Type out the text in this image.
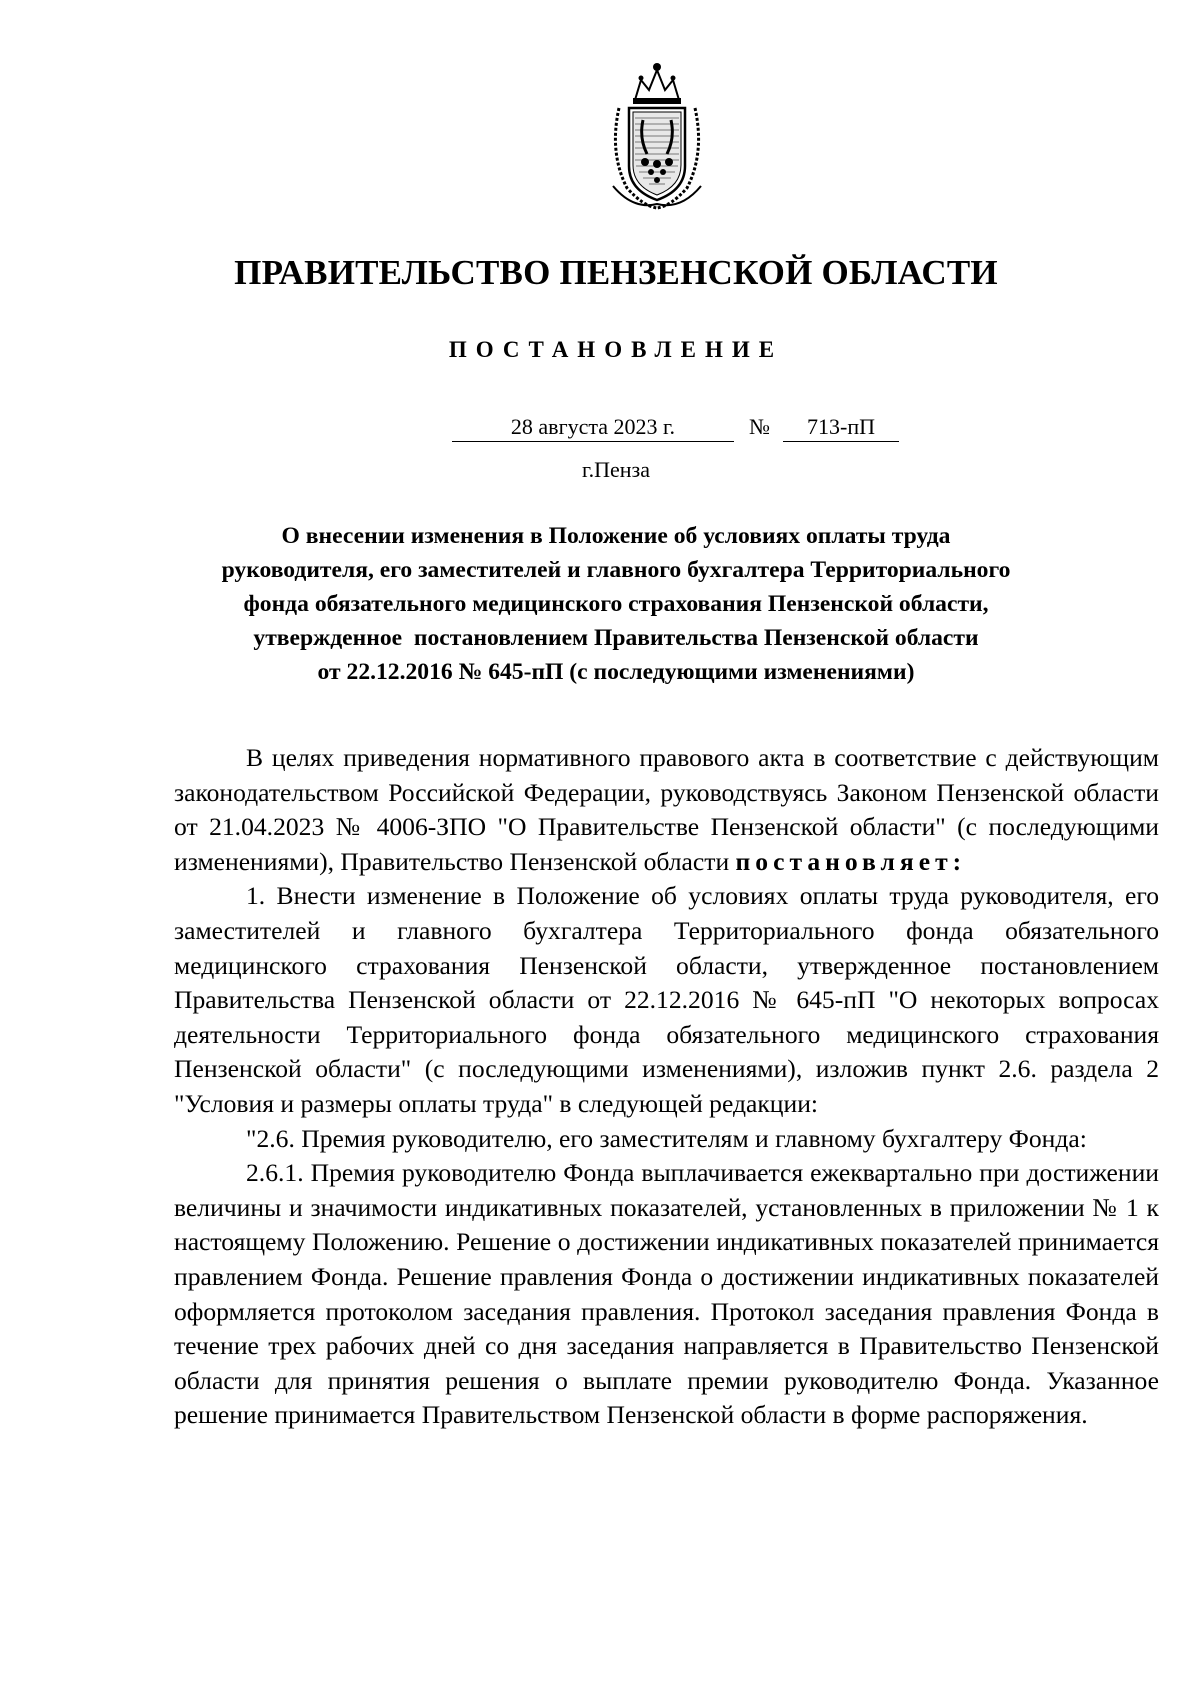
ПРАВИТЕЛЬСТВО ПЕНЗЕНСКОЙ ОБЛАСТИ
ПОСТАНОВЛЕНИЕ
28 августа 2023 г.	№	713-пП
г.Пенза
О внесении изменения в Положение об условиях оплаты труда
руководителя, его заместителей и главного бухгалтера Территориального
фонда обязательного медицинского страхования Пензенской области,
утвержденное  постановлением Правительства Пензенской области
от 22.12.2016 № 645-пП (с последующими изменениями)

В целях приведения нормативного правового акта в соответствие с действующим законодательством Российской Федерации, руководствуясь Законом Пензенской области от 21.04.2023 № 4006-ЗПО "О Правительстве Пензенской области" (с последующими изменениями), Правительство Пензенской области постановляет:

1. Внести изменение в Положение об условиях оплаты труда руководителя, его заместителей и главного бухгалтера Территориального фонда обязательного медицинского страхования Пензенской области, утвержденное постановлением Правительства Пензенской области от 22.12.2016 № 645-пП "О некоторых вопросах деятельности Территориального фонда обязательного медицинского страхования Пензенской области" (с последующими изменениями), изложив пункт 2.6. раздела 2 "Условия и размеры оплаты труда" в следующей редакции:

"2.6. Премия руководителю, его заместителям и главному бухгалтеру Фонда:

2.6.1. Премия руководителю Фонда выплачивается ежеквартально при достижении величины и значимости индикативных показателей, установленных в приложении № 1 к настоящему Положению. Решение о достижении индикативных показателей принимается правлением Фонда. Решение правления Фонда о достижении индикативных показателей оформляется протоколом заседания правления. Протокол заседания правления Фонда в течение трех рабочих дней со дня заседания направляется в Правительство Пензенской области для принятия решения о выплате премии руководителю Фонда. Указанное решение принимается Правительством Пензенской области в форме распоряжения.
